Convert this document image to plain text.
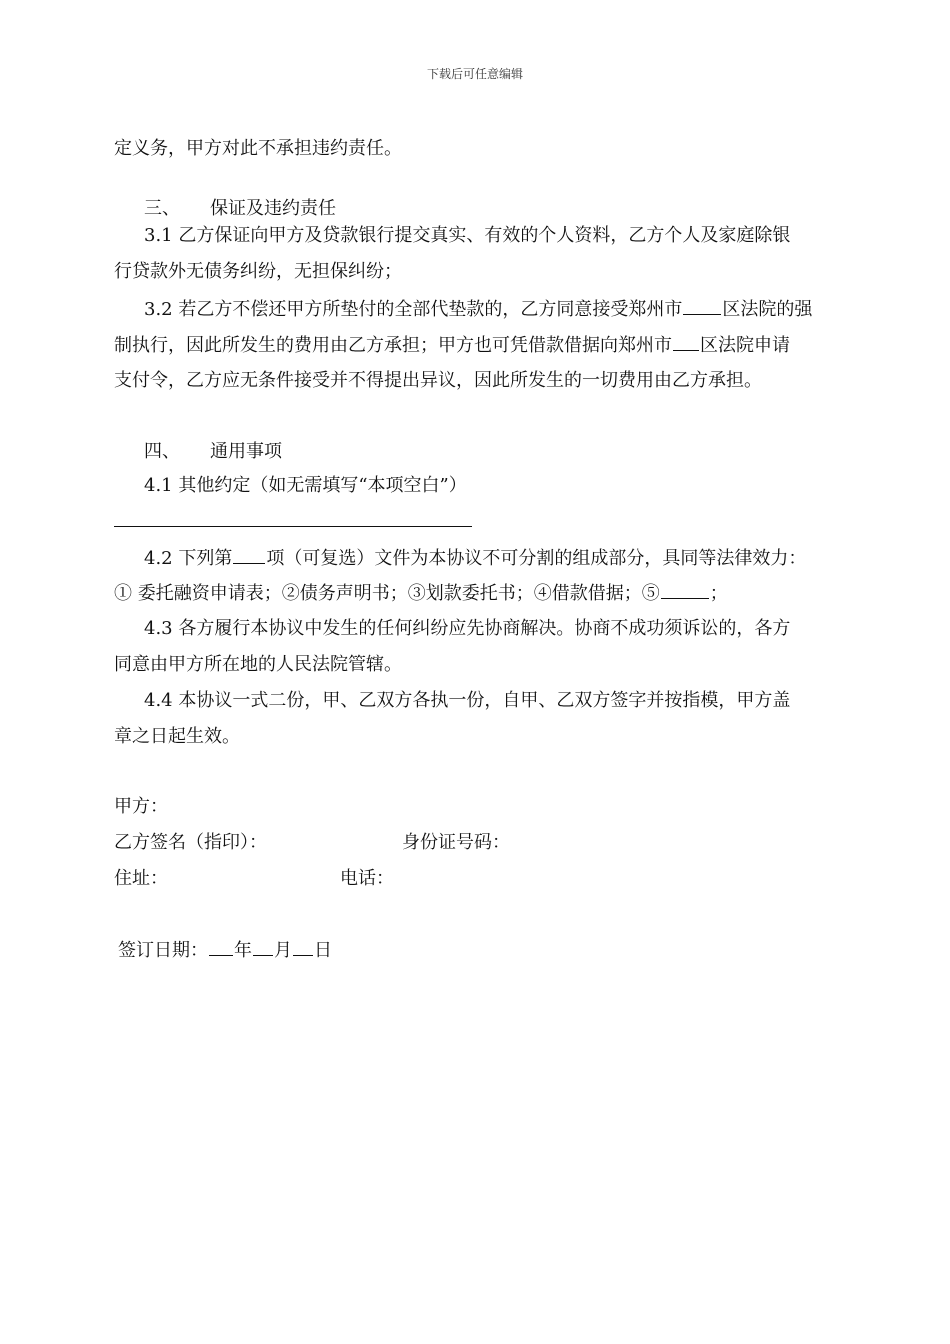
下载后可任意编辑
定义务，甲方对此不承担违约责任。
三、 保证及违约责任
3.1 乙方保证向甲方及贷款银行提交真实、有效的个人资料，乙方个人及家庭除银
行贷款外无债务纠纷，无担保纠纷；
3.2 若乙方不偿还甲方所垫付的全部代垫款的，乙方同意接受郑州市 区法院的强
制执行，因此所发生的费用由乙方承担；甲方也可凭借款借据向郑州市 区法院申请
支付令，乙方应无条件接受并不得提出异议，因此所发生的一切费用由乙方承担。
四、 通用事项
4.1 其他约定（如无需填写“本项空白”）
4.2 下列第 项（可复选）文件为本协议不可分割的组成部分，具同等法律效力：
① 委托融资申请表；②债务声明书；③划款委托书；④借款借据；⑤	；
4.3 各方履行本协议中发生的任何纠纷应先协商解决。协商不成功须诉讼的，各方
同意由甲方所在地的人民法院管辖。
4.4 本协议一式二份，甲、乙双方各执一份，自甲、乙双方签字并按指模，甲方盖
章之日起生效。
甲方：
乙方签名（指印）：	身份证号码：
住址：	电话：
签订日期： 年 月 日
